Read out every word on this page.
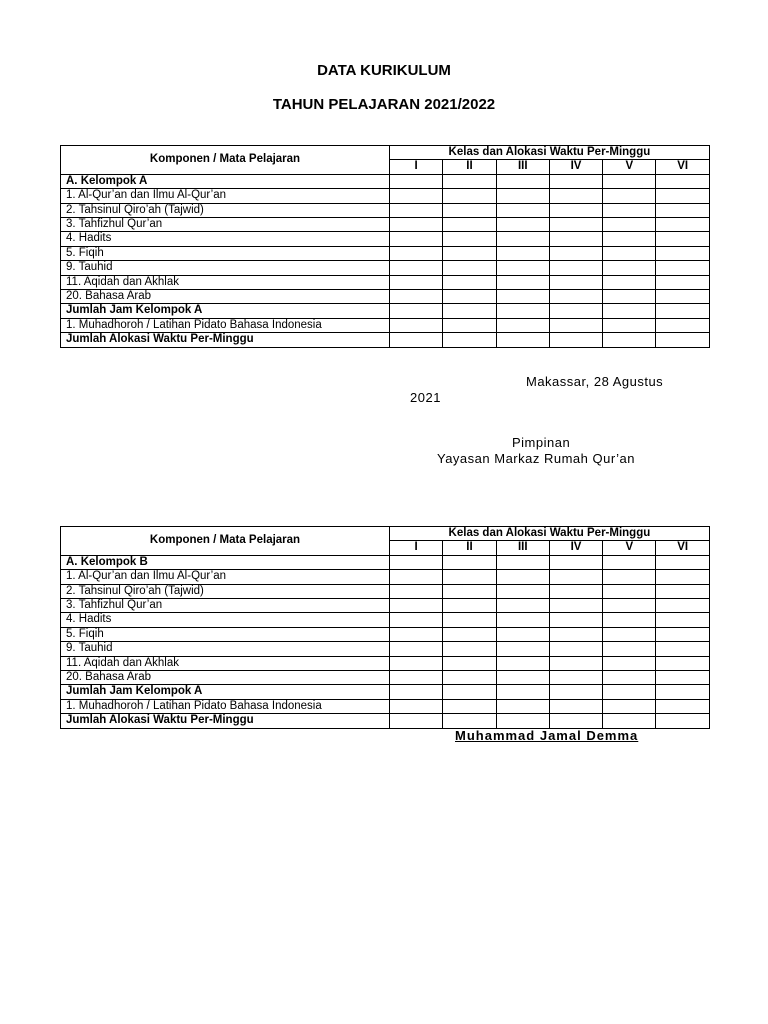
DATA KURIKULUM
TAHUN PELAJARAN 2021/2022
Komponen / Mata Pelajaran	Kelas dan Alokasi Waktu Per-Minggu					
	I	II	III	IV	V	VI
A. Kelompok A						
1. Al-Qur’an dan Ilmu Al-Qur’an						
2. Tahsinul Qiro’ah (Tajwid)						
3. Tahfizhul Qur’an						
4. Hadits						
5. Fiqih						
9. Tauhid						
11. Aqidah dan Akhlak						
20. Bahasa Arab						
Jumlah Jam Kelompok A						
1. Muhadhoroh / Latihan Pidato Bahasa Indonesia						
Jumlah Alokasi Waktu Per-Minggu						
Makassar, 28 Agustus
2021
Pimpinan
Yayasan Markaz Rumah Qur’an
Komponen / Mata Pelajaran	Kelas dan Alokasi Waktu Per-Minggu					
	I	II	III	IV	V	VI
A. Kelompok B						
1. Al-Qur’an dan Ilmu Al-Qur’an						
2. Tahsinul Qiro’ah (Tajwid)						
3. Tahfizhul Qur’an						
4. Hadits						
5. Fiqih						
9. Tauhid						
11. Aqidah dan Akhlak						
20. Bahasa Arab						
Jumlah Jam Kelompok A						
1. Muhadhoroh / Latihan Pidato Bahasa Indonesia						
Jumlah Alokasi Waktu Per-Minggu						
Muhammad Jamal Demma
